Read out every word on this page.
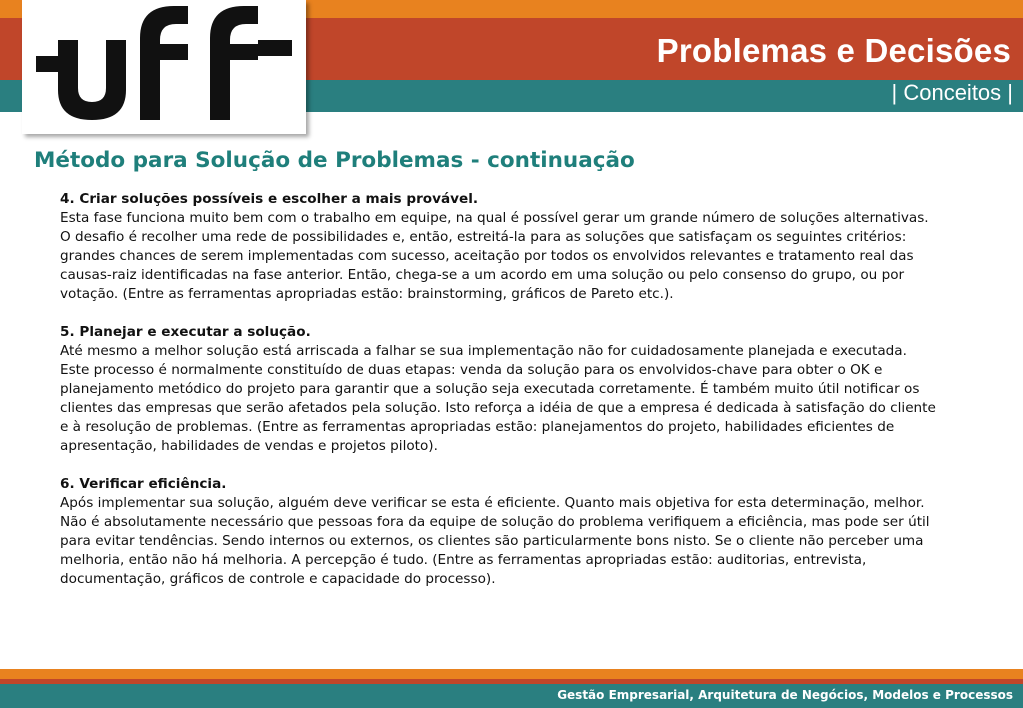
Problemas e Decisões
| Conceitos |
Método para Solução de Problemas - continuação
4. Criar soluções possíveis e escolher a mais provável.
Esta fase funciona muito bem com o trabalho em equipe, na qual é possível gerar um grande número de soluções alternativas. O desafio é recolher uma rede de possibilidades e, então, estreitá-la para as soluções que satisfaçam os seguintes critérios: grandes chances de serem implementadas com sucesso, aceitação por todos os envolvidos relevantes e tratamento real das causas-raiz identificadas na fase anterior. Então, chega-se a um acordo em uma solução ou pelo consenso do grupo, ou por votação. (Entre as ferramentas apropriadas estão: brainstorming, gráficos de Pareto etc.).
5. Planejar e executar a solução.
Até mesmo a melhor solução está arriscada a falhar se sua implementação não for cuidadosamente planejada e executada. Este processo é normalmente constituído de duas etapas: venda da solução para os envolvidos-chave para obter o OK e planejamento metódico do projeto para garantir que a solução seja executada corretamente. É também muito útil notificar os clientes das empresas que serão afetados pela solução. Isto reforça a idéia de que a empresa é dedicada à satisfação do cliente e à resolução de problemas. (Entre as ferramentas apropriadas estão: planejamentos do projeto, habilidades eficientes de apresentação, habilidades de vendas e projetos piloto).
6. Verificar eficiência.
Após implementar sua solução, alguém deve verificar se esta é eficiente. Quanto mais objetiva for esta determinação, melhor. Não é absolutamente necessário que pessoas fora da equipe de solução do problema verifiquem a eficiência, mas pode ser útil para evitar tendências. Sendo internos ou externos, os clientes são particularmente bons nisto. Se o cliente não perceber uma melhoria, então não há melhoria. A percepção é tudo. (Entre as ferramentas apropriadas estão: auditorias, entrevista, documentação, gráficos de controle e capacidade do processo).
Gestão Empresarial, Arquitetura de Negócios, Modelos e Processos
